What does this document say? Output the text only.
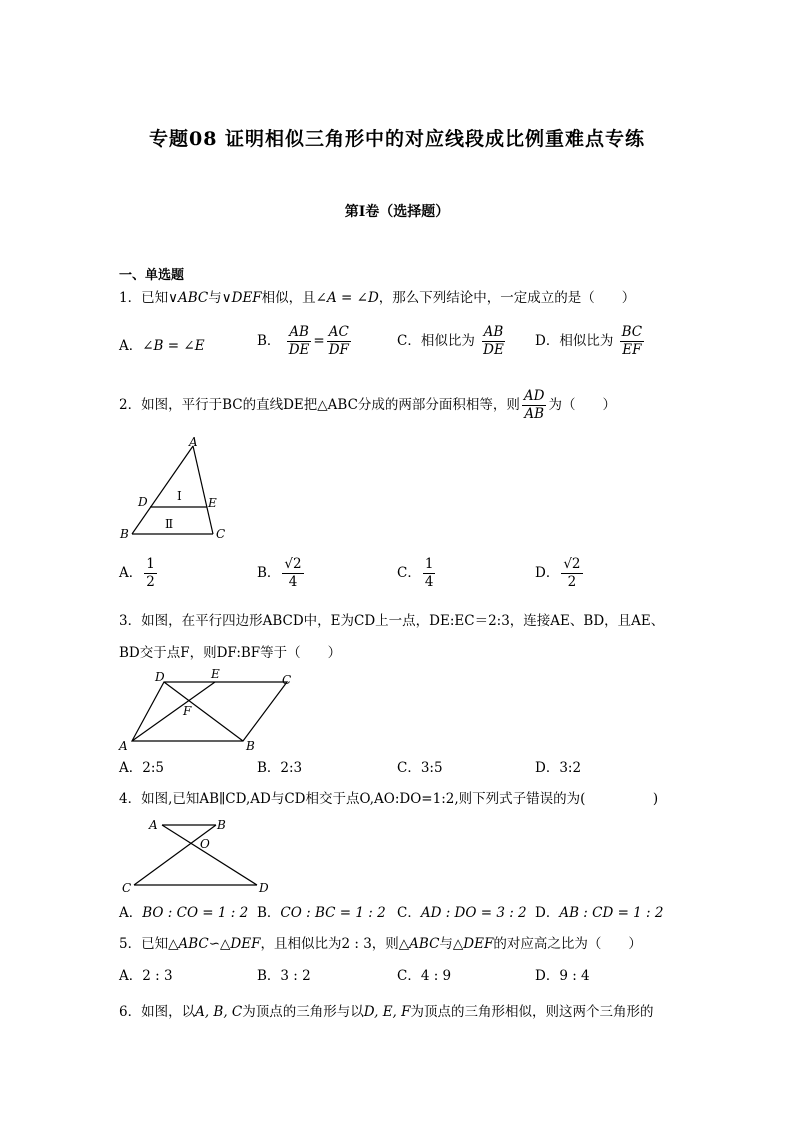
专题08 证明相似三角形中的对应线段成比例重难点专练
第I卷（选择题）
一、单选题
1．已知∨ABC与∨DEF相似，且∠A = ∠D，那么下列结论中，一定成立的是（　　）
A．∠B = ∠E	B． $\frac{AB}{DE} = \frac{AC}{DF}$	C．相似比为 $\frac{AB}{DE}$ D．相似比为 $\frac{BC}{EF}$
2．如图，平行于BC的直线DE把△ABC分成的两部分面积相等，则 $\frac{AD}{AB}$ 为（　　）
A
B	C
D	E
Ⅰ
Ⅱ
A． $\frac{1}{2}$	B． $\frac{√2}{4}$	C． $\frac{1}{4}$	D． $\frac{√2}{2}$
3．如图，在平行四边形ABCD中，E为CD上一点，DE:EC＝2:3，连接AE、BD，且AE、
BD交于点F，则DF:BF等于（　　）
D	E	C
F
A	B
A．2:5	B．2:3	C．3:5	D．3:2
4．如图,已知AB∥CD,AD与CD相交于点O,AO:DO=1:2,则下列式子错误的为(　　　　　)
A	B
O
C	D
A．BO : CO = 1 : 2 B．CO : BC = 1 : 2 C．AD : DO = 3 : 2 D．AB : CD = 1 : 2
5．已知△ABC∽△DEF，且相似比为2 : 3，则△ABC与△DEF的对应高之比为（　　）
A．2 : 3	B．3 : 2	C．4 : 9	D．9 : 4
6．如图，以A, B, C为顶点的三角形与以D, E, F为顶点的三角形相似，则这两个三角形的
